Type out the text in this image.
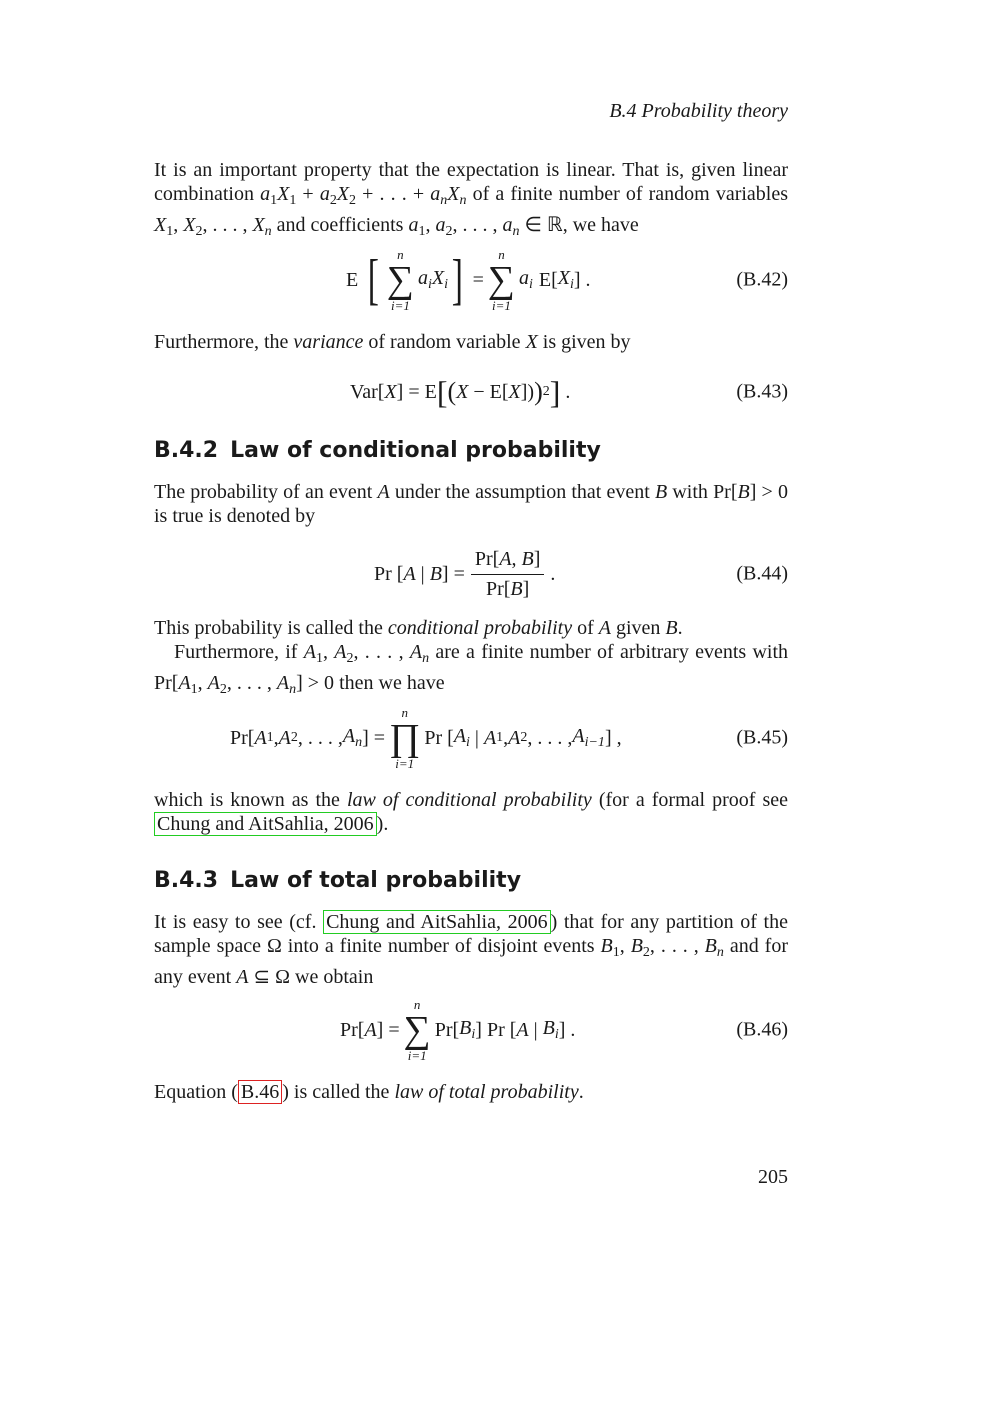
B.4 Probability theory

It is an important property that the expectation is linear. That is, given linear combination $a_1X_1 + a_2X_2$ + . . . + $a_nX_n$ of a finite number of random variables $X_1$, $X_2$, . . . , $X_n$ and coefficients $a_1$, $a_2$, . . . , $a_n$ ∈ ℝ, we have

E [ n
∑
i=1
$a_iX_i$ ] =
n
∑
i=1
$a_i$ E[ $X_i$ ] .	(B.42)

Furthermore, the variance of random variable X is given by

Var[ X ] = E [ ( X − E[ X ]) ) 2 ] .	(B.43)
B.4.2 Law of conditional probability

The probability of an event A under the assumption that event B with Pr[B] > 0 is true is denoted by

Pr [ A | B ] = $\frac{Pr[A, B]}{Pr[B]}$ .	(B.44)

This probability is called the conditional probability of A given B.

Furthermore, if $A_1$, $A_2$, . . . , $A_n$ are a finite number of arbitrary events with $Pr[A_1$, $A_2$, . . . , $A_n] > 0$ then we have

Pr[ A 1 , A 2 , . . . , $A_n$ ] =
n
∏
i=1
Pr [ $A_i$ | A 1 , A 2 , . . . , $A_{i-1}$ ] ,	(B.45)

which is known as the law of conditional probability (for a formal proof see Chung and AitSahlia, 2006 ).

B.4.3 Law of total probability

It is easy to see (cf. Chung and AitSahlia, 2006 ) that for any partition of the sample space Ω into a finite number of disjoint events $B_1$, $B_2$, . . . , $B_n$ and for any event A ⊆ Ω we obtain

Pr[ A ] =
n
∑
i=1
Pr[ $B_i$ ] Pr [ A | $B_i$ ] .	(B.46)

Equation ( B.46 ) is called the law of total probability.

205
